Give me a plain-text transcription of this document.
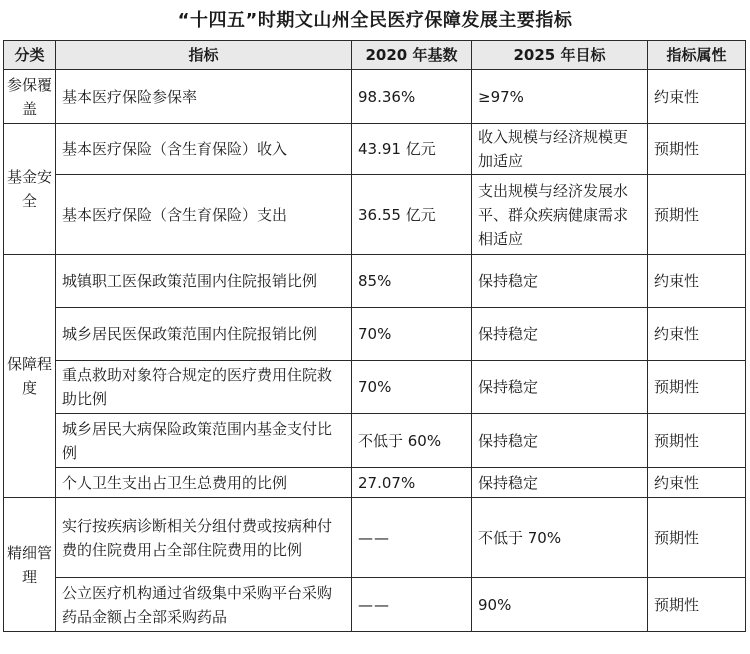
“十四五”时期文山州全民医疗保障发展主要指标
分类	指标	2020 年基数	2025 年目标	指标属性
参保覆盖	基本医疗保险参保率	98.36%	≥97%	约束性
基金安全	基本医疗保险（含生育保险）收入	43.91 亿元	收入规模与经济规模更加适应	预期性
	基本医疗保险（含生育保险）支出	36.55 亿元	支出规模与经济发展水平、群众疾病健康需求相适应	预期性
保障程度	城镇职工医保政策范围内住院报销比例	85%	保持稳定	约束性
	城乡居民医保政策范围内住院报销比例	70%	保持稳定	约束性
	重点救助对象符合规定的医疗费用住院救助比例	70%	保持稳定	预期性
	城乡居民大病保险政策范围内基金支付比例	不低于 60%	保持稳定	预期性
	个人卫生支出占卫生总费用的比例	27.07%	保持稳定	约束性
精细管理	实行按疾病诊断相关分组付费或按病种付费的住院费用占全部住院费用的比例	——	不低于 70%	预期性
	公立医疗机构通过省级集中采购平台采购药品金额占全部采购药品	——	90%	预期性
